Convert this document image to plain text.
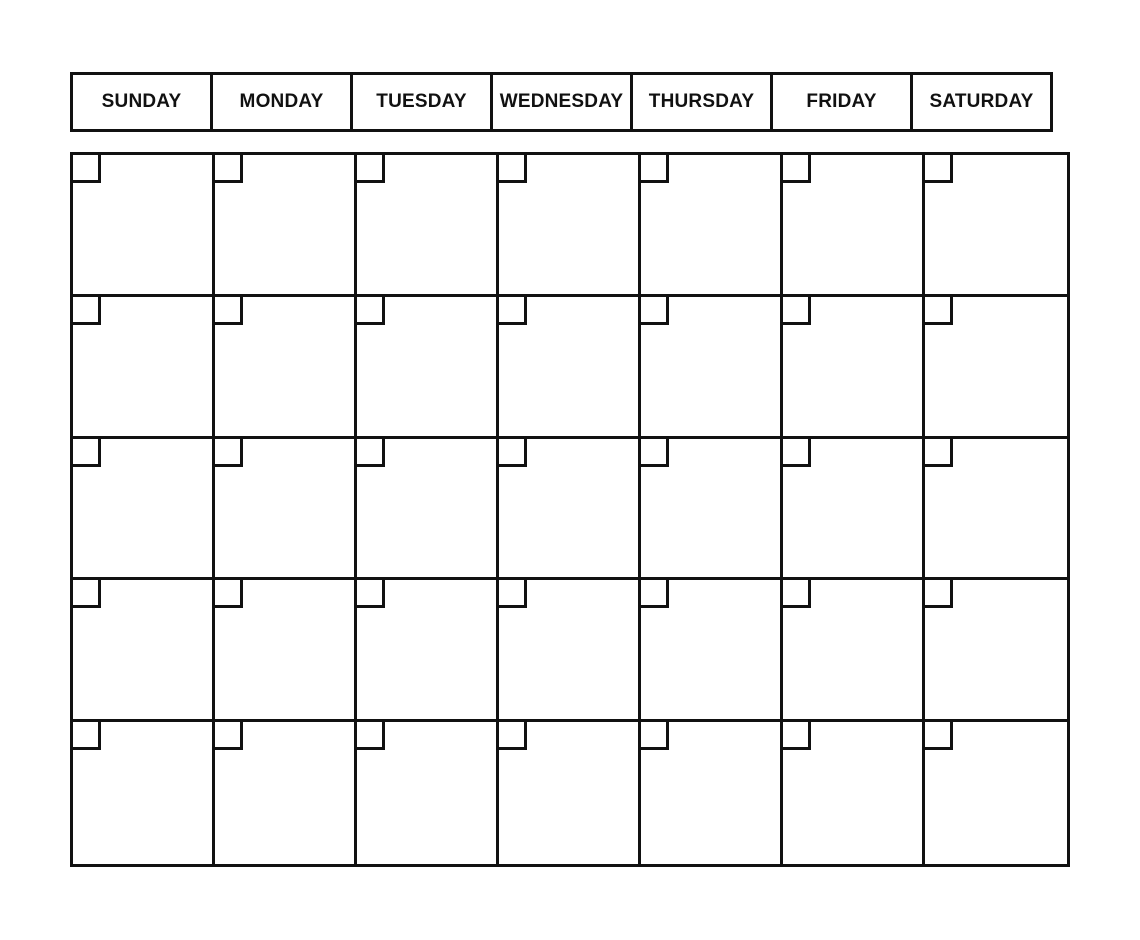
SUNDAY	MONDAY	TUESDAY	WEDNESDAY	THURSDAY	FRIDAY	SATURDAY
